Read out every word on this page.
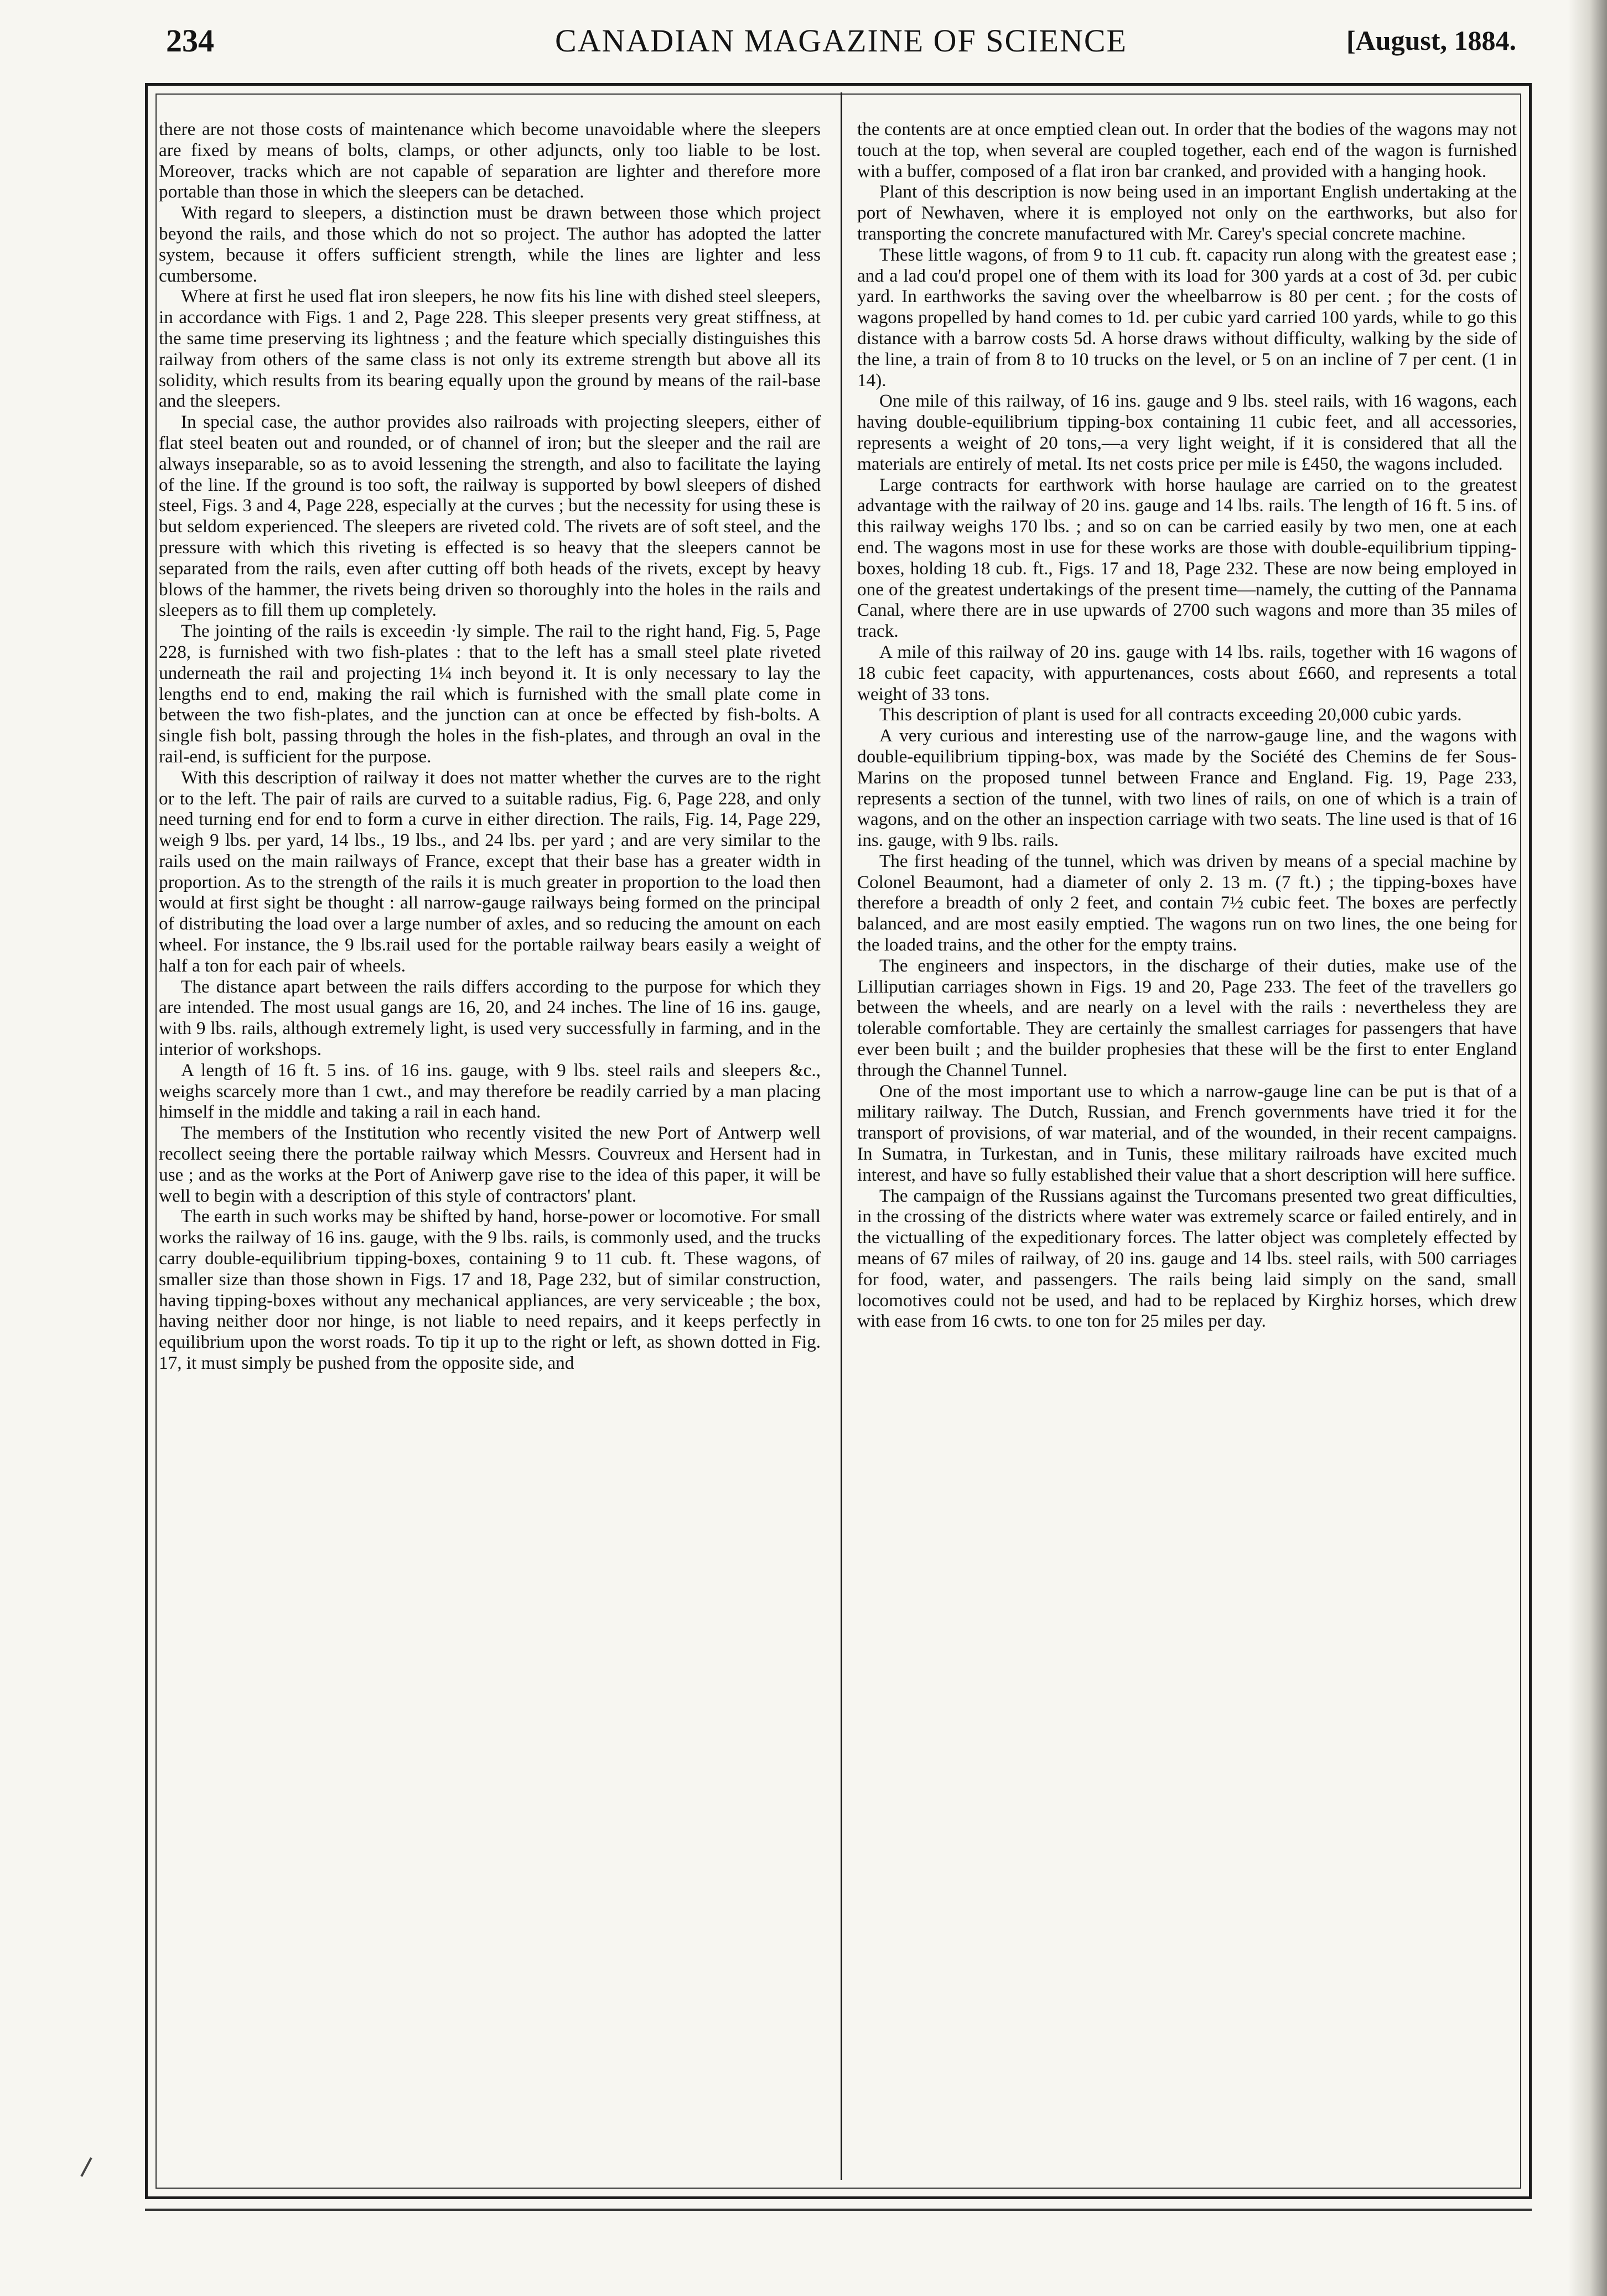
234	CANADIAN MAGAZINE OF SCIENCE	[August, 1884.

there are not those costs of maintenance which become unavoidable where the sleepers are fixed by means of bolts, clamps, or other adjuncts, only too liable to be lost. Moreover, tracks which are not capable of separation are lighter and therefore more portable than those in which the sleepers can be detached.

With regard to sleepers, a distinction must be drawn between those which project beyond the rails, and those which do not so project. The author has adopted the latter system, because it offers sufficient strength, while the lines are lighter and less cumbersome.

Where at first he used flat iron sleepers, he now fits his line with dished steel sleepers, in accordance with Figs. 1 and 2, Page 228. This sleeper presents very great stiffness, at the same time preserving its lightness ; and the feature which specially distinguishes this railway from others of the same class is not only its extreme strength but above all its solidity, which results from its bearing equally upon the ground by means of the rail-base and the sleepers.

In special case, the author provides also railroads with projecting sleepers, either of flat steel beaten out and rounded, or of channel of iron; but the sleeper and the rail are always inseparable, so as to avoid lessening the strength, and also to facilitate the laying of the line. If the ground is too soft, the railway is supported by bowl sleepers of dished steel, Figs. 3 and 4, Page 228, especially at the curves ; but the necessity for using these is but seldom experienced. The sleepers are riveted cold. The rivets are of soft steel, and the pressure with which this riveting is effected is so heavy that the sleepers cannot be separated from the rails, even after cutting off both heads of the rivets, except by heavy blows of the hammer, the rivets being driven so thoroughly into the holes in the rails and sleepers as to fill them up completely.

The jointing of the rails is exceedin ·ly simple. The rail to the right hand, Fig. 5, Page 228, is furnished with two fish-plates : that to the left has a small steel plate riveted underneath the rail and projecting 1¼ inch beyond it. It is only necessary to lay the lengths end to end, making the rail which is furnished with the small plate come in between the two fish-plates, and the junction can at once be effected by fish-bolts. A single fish bolt, passing through the holes in the fish-plates, and through an oval in the rail-end, is sufficient for the purpose.

With this description of railway it does not matter whether the curves are to the right or to the left. The pair of rails are curved to a suitable radius, Fig. 6, Page 228, and only need turning end for end to form a curve in either direction. The rails, Fig. 14, Page 229, weigh 9 lbs. per yard, 14 lbs., 19 lbs., and 24 lbs. per yard ; and are very similar to the rails used on the main railways of France, except that their base has a greater width in proportion. As to the strength of the rails it is much greater in proportion to the load then would at first sight be thought : all narrow-gauge railways being formed on the principal of distributing the load over a large number of axles, and so reducing the amount on each wheel. For instance, the 9 lbs.rail used for the portable railway bears easily a weight of half a ton for each pair of wheels.

The distance apart between the rails differs according to the purpose for which they are intended. The most usual gangs are 16, 20, and 24 inches. The line of 16 ins. gauge, with 9 lbs. rails, although extremely light, is used very successfully in farming, and in the interior of workshops.

A length of 16 ft. 5 ins. of 16 ins. gauge, with 9 lbs. steel rails and sleepers &c., weighs scarcely more than 1 cwt., and may therefore be readily carried by a man placing himself in the middle and taking a rail in each hand.

The members of the Institution who recently visited the new Port of Antwerp well recollect seeing there the portable railway which Messrs. Couvreux and Hersent had in use ; and as the works at the Port of Aniwerp gave rise to the idea of this paper, it will be well to begin with a description of this style of contractors' plant.

The earth in such works may be shifted by hand, horse-power or locomotive. For small works the railway of 16 ins. gauge, with the 9 lbs. rails, is commonly used, and the trucks carry double-equilibrium tipping-boxes, containing 9 to 11 cub. ft. These wagons, of smaller size than those shown in Figs. 17 and 18, Page 232, but of similar construction, having tipping-boxes without any mechanical appliances, are very serviceable ; the box, having neither door nor hinge, is not liable to need repairs, and it keeps perfectly in equilibrium upon the worst roads. To tip it up to the right or left, as shown dotted in Fig. 17, it must simply be pushed from the opposite side, and

the contents are at once emptied clean out. In order that the bodies of the wagons may not touch at the top, when several are coupled together, each end of the wagon is furnished with a buffer, composed of a flat iron bar cranked, and provided with a hanging hook.

Plant of this description is now being used in an important English undertaking at the port of Newhaven, where it is employed not only on the earthworks, but also for transporting the concrete manufactured with Mr. Carey's special concrete machine.

These little wagons, of from 9 to 11 cub. ft. capacity run along with the greatest ease ; and a lad cou'd propel one of them with its load for 300 yards at a cost of 3d. per cubic yard. In earthworks the saving over the wheelbarrow is 80 per cent. ; for the costs of wagons propelled by hand comes to 1d. per cubic yard carried 100 yards, while to go this distance with a barrow costs 5d. A horse draws without difficulty, walking by the side of the line, a train of from 8 to 10 trucks on the level, or 5 on an incline of 7 per cent. (1 in 14).

One mile of this railway, of 16 ins. gauge and 9 lbs. steel rails, with 16 wagons, each having double-equilibrium tipping-box containing 11 cubic feet, and all accessories, represents a weight of 20 tons,—a very light weight, if it is considered that all the materials are entirely of metal. Its net costs price per mile is £450, the wagons included.

Large contracts for earthwork with horse haulage are carried on to the greatest advantage with the railway of 20 ins. gauge and 14 lbs. rails. The length of 16 ft. 5 ins. of this railway weighs 170 lbs. ; and so on can be carried easily by two men, one at each end. The wagons most in use for these works are those with double-equilibrium tipping-boxes, holding 18 cub. ft., Figs. 17 and 18, Page 232. These are now being employed in one of the greatest undertakings of the present time—namely, the cutting of the Pannama Canal, where there are in use upwards of 2700 such wagons and more than 35 miles of track.

A mile of this railway of 20 ins. gauge with 14 lbs. rails, together with 16 wagons of 18 cubic feet capacity, with appurtenances, costs about £660, and represents a total weight of 33 tons.

This description of plant is used for all contracts exceeding 20,000 cubic yards.

A very curious and interesting use of the narrow-gauge line, and the wagons with double-equilibrium tipping-box, was made by the Société des Chemins de fer Sous-Marins on the proposed tunnel between France and England. Fig. 19, Page 233, represents a section of the tunnel, with two lines of rails, on one of which is a train of wagons, and on the other an inspection carriage with two seats. The line used is that of 16 ins. gauge, with 9 lbs. rails.

The first heading of the tunnel, which was driven by means of a special machine by Colonel Beaumont, had a diameter of only 2. 13 m. (7 ft.) ; the tipping-boxes have therefore a breadth of only 2 feet, and contain 7½ cubic feet. The boxes are perfectly balanced, and are most easily emptied. The wagons run on two lines, the one being for the loaded trains, and the other for the empty trains.

The engineers and inspectors, in the discharge of their duties, make use of the Lilliputian carriages shown in Figs. 19 and 20, Page 233. The feet of the travellers go between the wheels, and are nearly on a level with the rails : nevertheless they are tolerable comfortable. They are certainly the smallest carriages for passengers that have ever been built ; and the builder prophesies that these will be the first to enter England through the Channel Tunnel.

One of the most important use to which a narrow-gauge line can be put is that of a military railway. The Dutch, Russian, and French governments have tried it for the transport of provisions, of war material, and of the wounded, in their recent campaigns. In Sumatra, in Turkestan, and in Tunis, these military railroads have excited much interest, and have so fully established their value that a short description will here suffice.

The campaign of the Russians against the Turcomans presented two great difficulties, in the crossing of the districts where water was extremely scarce or failed entirely, and in the victualling of the expeditionary forces. The latter object was completely effected by means of 67 miles of railway, of 20 ins. gauge and 14 lbs. steel rails, with 500 carriages for food, water, and passengers. The rails being laid simply on the sand, small locomotives could not be used, and had to be replaced by Kirghiz horses, which drew with ease from 16 cwts. to one ton for 25 miles per day.
